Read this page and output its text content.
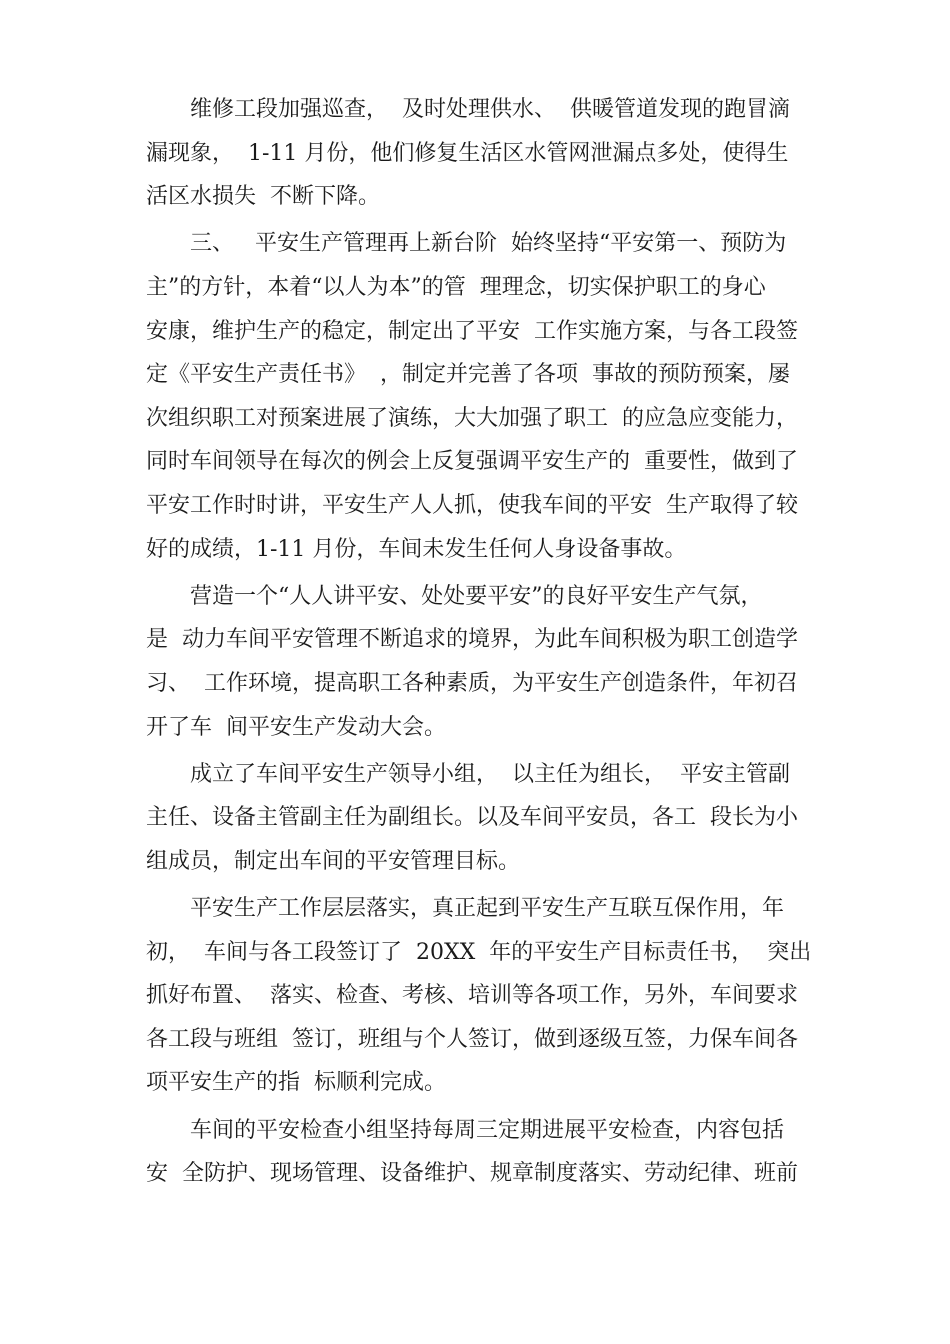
维修工段加强巡查，  及时处理供水、  供暖管道发现的跑冒滴
漏现象，  1-11 月份，他们修复生活区水管网泄漏点多处，使得生
活区水损失  不断下降。
三、   平安生产管理再上新台阶  始终坚持“平安第一、预防为
主”的方针，本着“以人为本”的管  理理念，切实保护职工的身心
安康，维护生产的稳定，制定出了平安  工作实施方案，与各工段签
定《平安生产责任书》  ，制定并完善了各项  事故的预防预案，屡
次组织职工对预案进展了演练，大大加强了职工  的应急应变能力，
同时车间领导在每次的例会上反复强调平安生产的  重要性，做到了
平安工作时时讲，平安生产人人抓，使我车间的平安  生产取得了较
好的成绩，1-11 月份，车间未发生任何人身设备事故。
营造一个“人人讲平安、处处要平安”的良好平安生产气氛，
是  动力车间平安管理不断追求的境界，为此车间积极为职工创造学
习、  工作环境，提高职工各种素质，为平安生产创造条件，年初召
开了车  间平安生产发动大会。
成立了车间平安生产领导小组，  以主任为组长，  平安主管副
主任、设备主管副主任为副组长。以及车间平安员，各工  段长为小
组成员，制定出车间的平安管理目标。
平安生产工作层层落实，真正起到平安生产互联互保作用，年
初，  车间与各工段签订了  20XX  年的平安生产目标责任书，  突出
抓好布置、  落实、检查、考核、培训等各项工作，另外，车间要求
各工段与班组  签订，班组与个人签订，做到逐级互签，力保车间各
项平安生产的指  标顺利完成。
车间的平安检查小组坚持每周三定期进展平安检查，内容包括
安  全防护、现场管理、设备维护、规章制度落实、劳动纪律、班前
